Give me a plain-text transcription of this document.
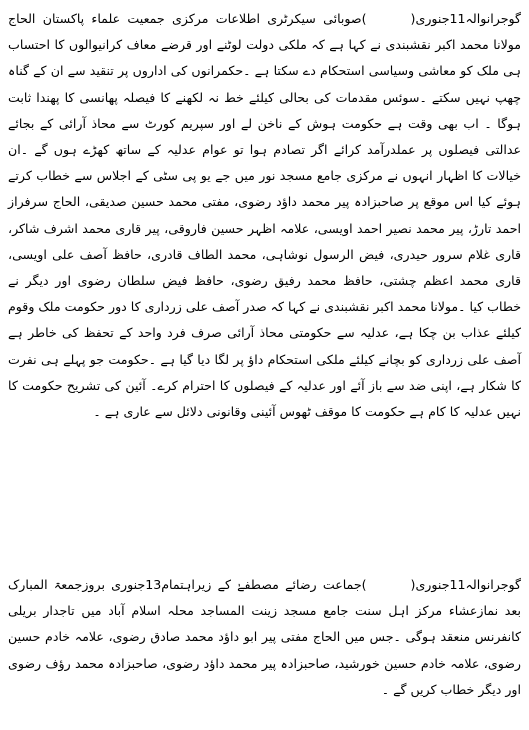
گوجرانوالہ11جنوری()صوبائی سیکرٹری اطلاعات مرکزی جمعیت علماء پاکستان الحاج مولانا محمد اکبر نقشبندی نے کہا ہے کہ ملکی دولت لوٹنے اور قرضے معاف کرانیوالوں کا احتساب ہی ملک کو معاشی وسیاسی استحکام دے سکتا ہے ۔حکمرانوں کی اداروں پر تنقید سے ان کے گناہ چھپ نہیں سکتے ۔سوئس مقدمات کی بحالی کیلئے خط نہ لکھنے کا فیصلہ پھانسی کا پھندا ثابت ہوگا ۔ اب بھی وقت ہے حکومت ہوش کے ناخن لے اور سپریم کورٹ سے محاذ آرائی کے بجائے عدالتی فیصلوں پر عملدرآمد کرائے اگر تصادم ہوا تو عوام عدلیہ کے ساتھ کھڑے ہوں گے ۔ان خیالات کا اظہار انہوں نے مرکزی جامع مسجد نور میں جے یو پی سٹی کے اجلاس سے خطاب کرتے ہوئے کیا اس موقع پر صاحبزادہ پیر محمد داؤد رضوی، مفتی محمد حسین صدیقی، الحاج سرفراز احمد تارڑ، پیر محمد نصیر احمد اویسی، علامہ اظہر حسین فاروقی، پیر قاری محمد اشرف شاکر، قاری غلام سرور حیدری، فیض الرسول نوشاہی، محمد الطاف قادری، حافظ آصف علی اویسی، قاری محمد اعظم چشتی، حافظ محمد رفیق رضوی، حافظ فیض سلطان رضوی اور دیگر نے خطاب کیا ۔مولانا محمد اکبر نقشبندی نے کہا کہ صدر آصف علی زرداری کا دور حکومت ملک وقوم کیلئے عذاب بن چکا ہے، عدلیہ سے حکومتی محاذ آرائی صرف فرد واحد کے تحفظ کی خاطر ہے آصف علی زرداری کو بچانے کیلئے ملکی استحکام داؤ پر لگا دیا گیا ہے ۔حکومت جو پہلے ہی نفرت کا شکار ہے، اپنی ضد سے باز آئے اور عدلیہ کے فیصلوں کا احترام کرے۔ آئین کی تشریح حکومت کا نہیں عدلیہ کا کام ہے حکومت کا موقف ٹھوس آئینی وقانونی دلائل سے عاری ہے ۔
گوجرانوالہ11جنوری()جماعت رضائے مصطفےٰ کے زیراہتمام13جنوری بروزجمعۃ المبارک بعد نمازعشاء مرکز اہل سنت جامع مسجد زینت المساجد محلہ اسلام آباد میں تاجدار بریلی کانفرنس منعقد ہوگی ۔جس میں الحاج مفتی پیر ابو داؤد محمد صادق رضوی، علامہ خادم حسین رضوی، علامہ خادم حسین خورشید، صاحبزادہ پیر محمد داؤد رضوی، صاحبزادہ محمد رؤف رضوی اور دیگر خطاب کریں گے ۔
